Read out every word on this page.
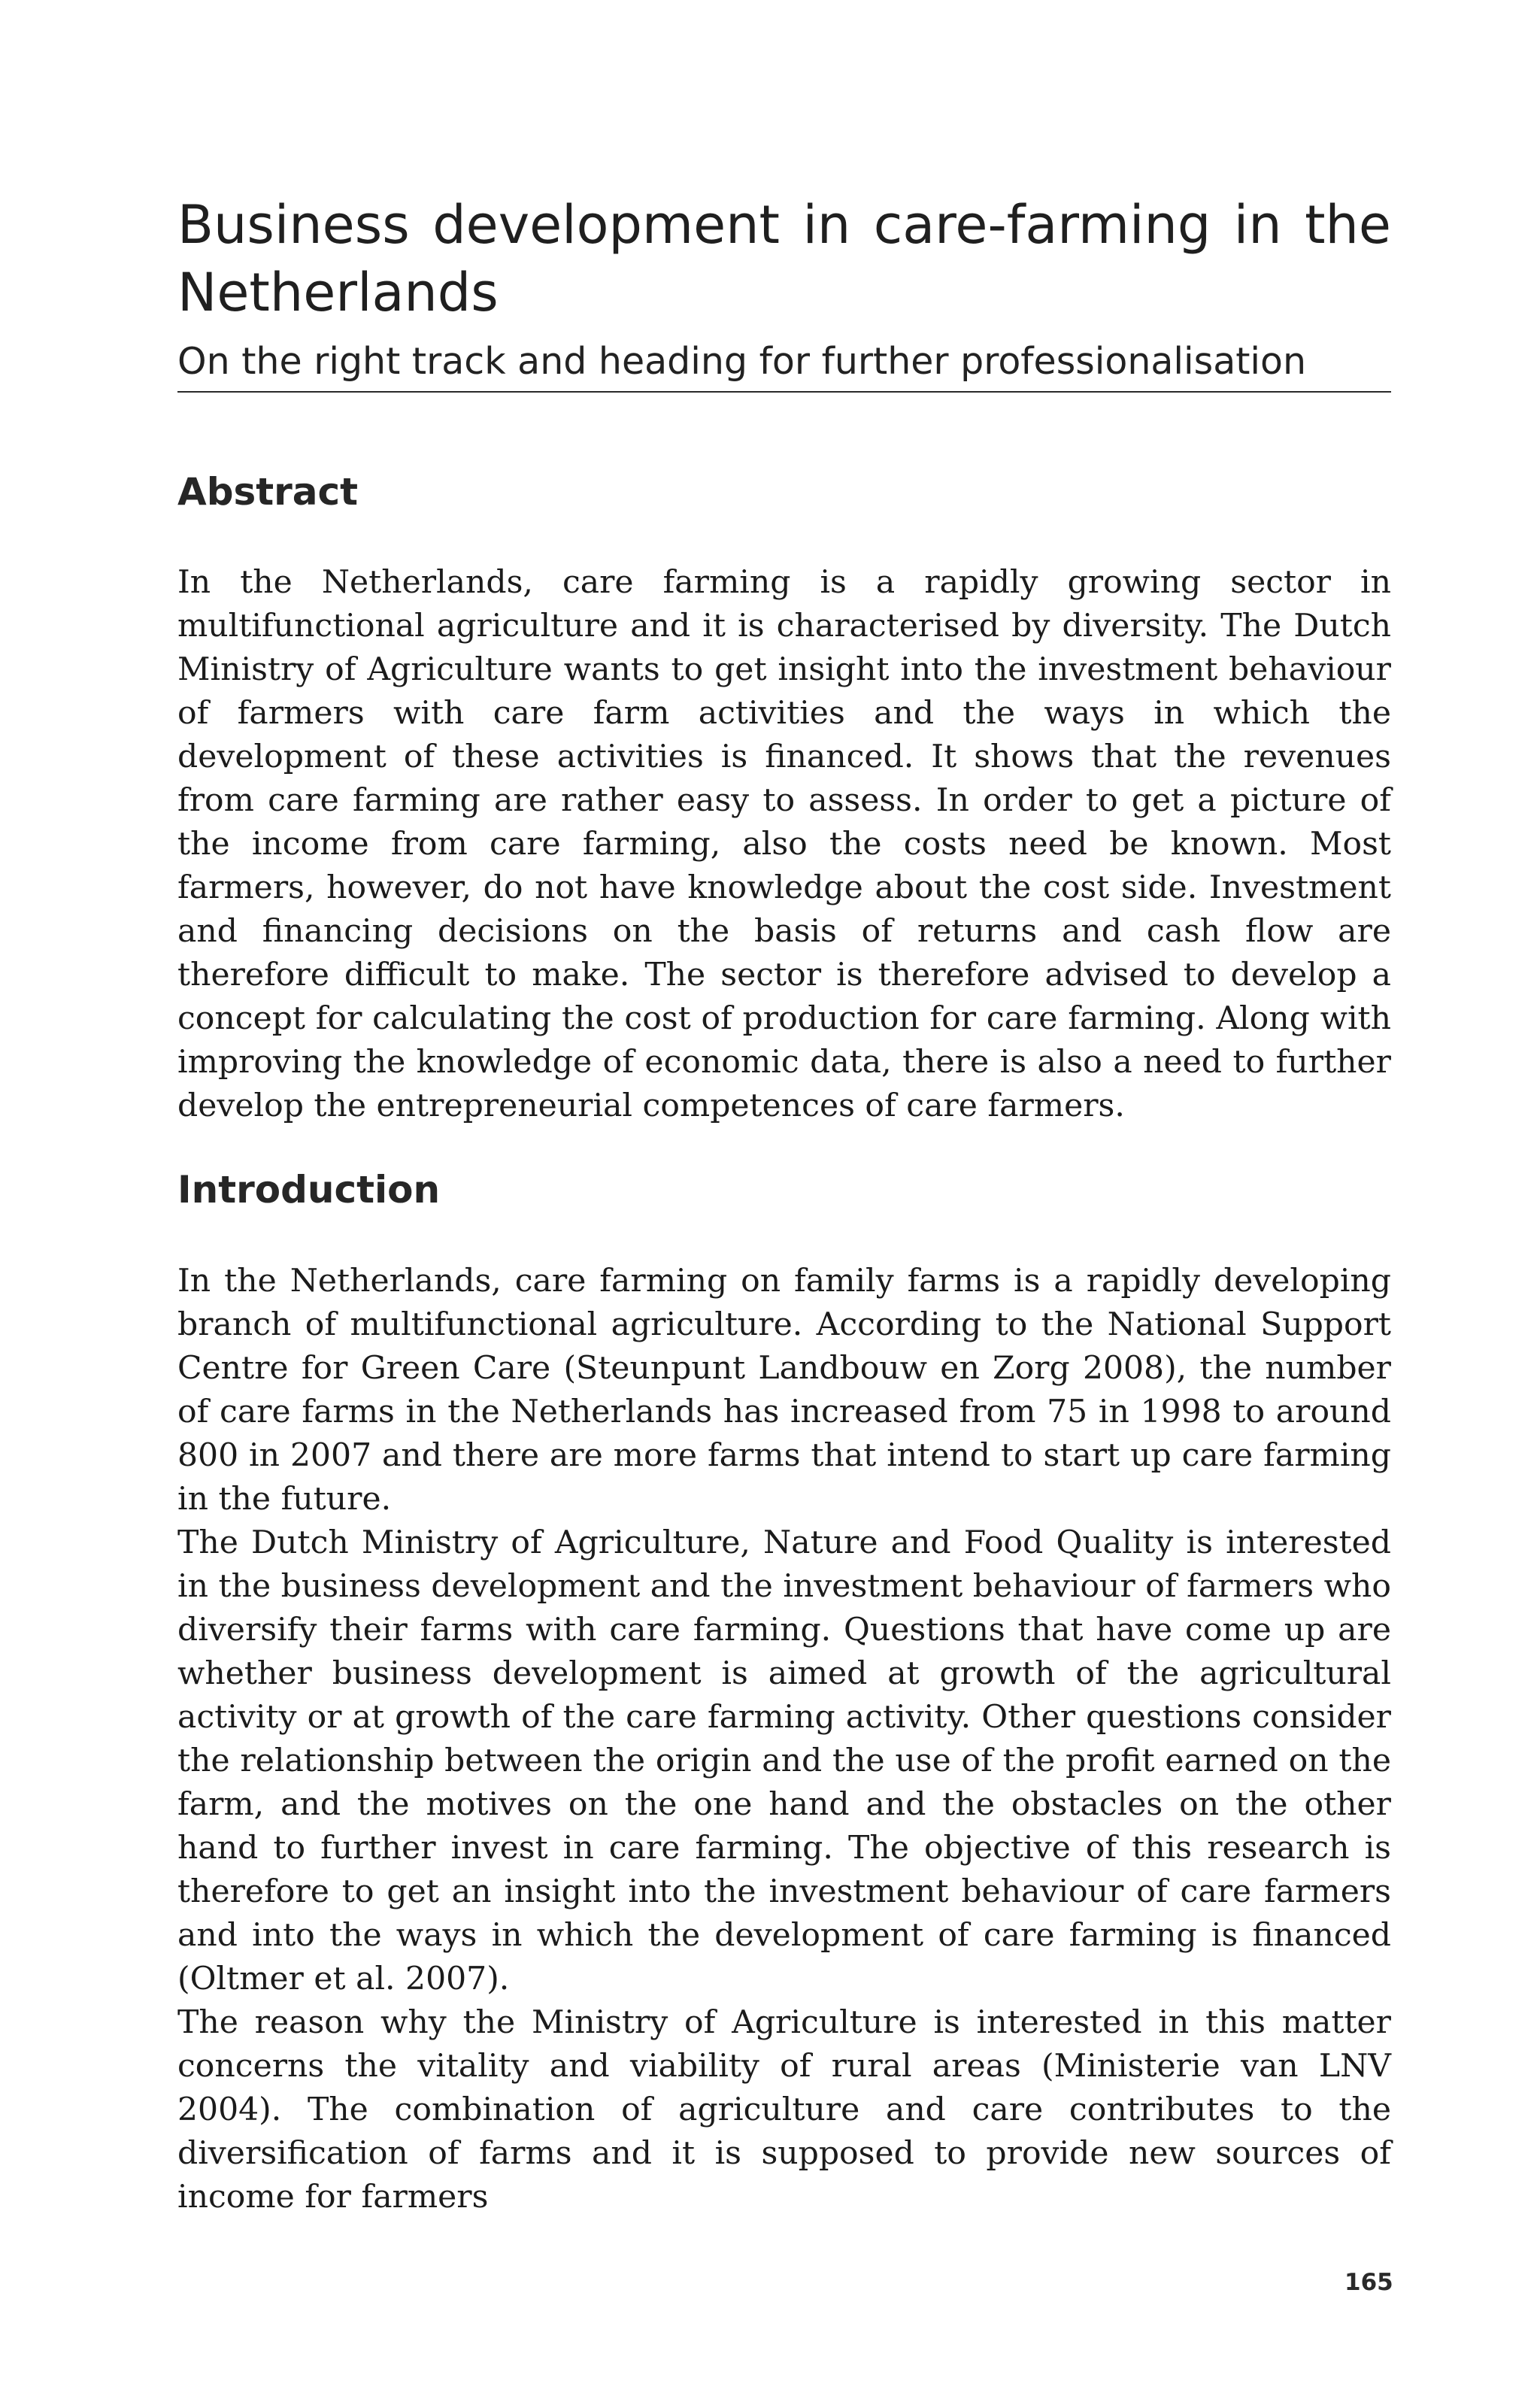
Business development in care-farming in the Netherlands
On the right track and heading for further professionalisation
Abstract

In the Netherlands, care farming is a rapidly growing sector in multifunctional agriculture and it is characterised by diversity. The Dutch Ministry of Agriculture wants to get insight into the investment behaviour of farmers with care farm activities and the ways in which the development of these activities is financed. It shows that the revenues from care farming are rather easy to assess. In order to get a picture of the income from care farming, also the costs need be known. Most farmers, however, do not have knowledge about the cost side. Investment and financing decisions on the basis of returns and cash flow are therefore difficult to make. The sector is therefore advised to develop a concept for calculating the cost of production for care farming. Along with improving the knowledge of economic data, there is also a need to further develop the entrepreneurial competences of care farmers.

Introduction

In the Netherlands, care farming on family farms is a rapidly developing branch of multifunctional agriculture. According to the National Support Centre for Green Care (Steunpunt Landbouw en Zorg 2008), the number of care farms in the Netherlands has increased from 75 in 1998 to around 800 in 2007 and there are more farms that intend to start up care farming in the future.

The Dutch Ministry of Agriculture, Nature and Food Quality is interested in the business development and the investment behaviour of farmers who diversify their farms with care farming. Questions that have come up are whether business development is aimed at growth of the agricultural activity or at growth of the care farming activity. Other questions consider the relationship between the origin and the use of the profit earned on the farm, and the motives on the one hand and the obstacles on the other hand to further invest in care farming. The objective of this research is therefore to get an insight into the investment behaviour of care farmers and into the ways in which the development of care farming is financed (Oltmer et al. 2007).

The reason why the Ministry of Agriculture is interested in this matter concerns the vitality and viability of rural areas (Ministerie van LNV 2004). The combination of agriculture and care contributes to the diversification of farms and it is supposed to provide new sources of income for farmers

165
